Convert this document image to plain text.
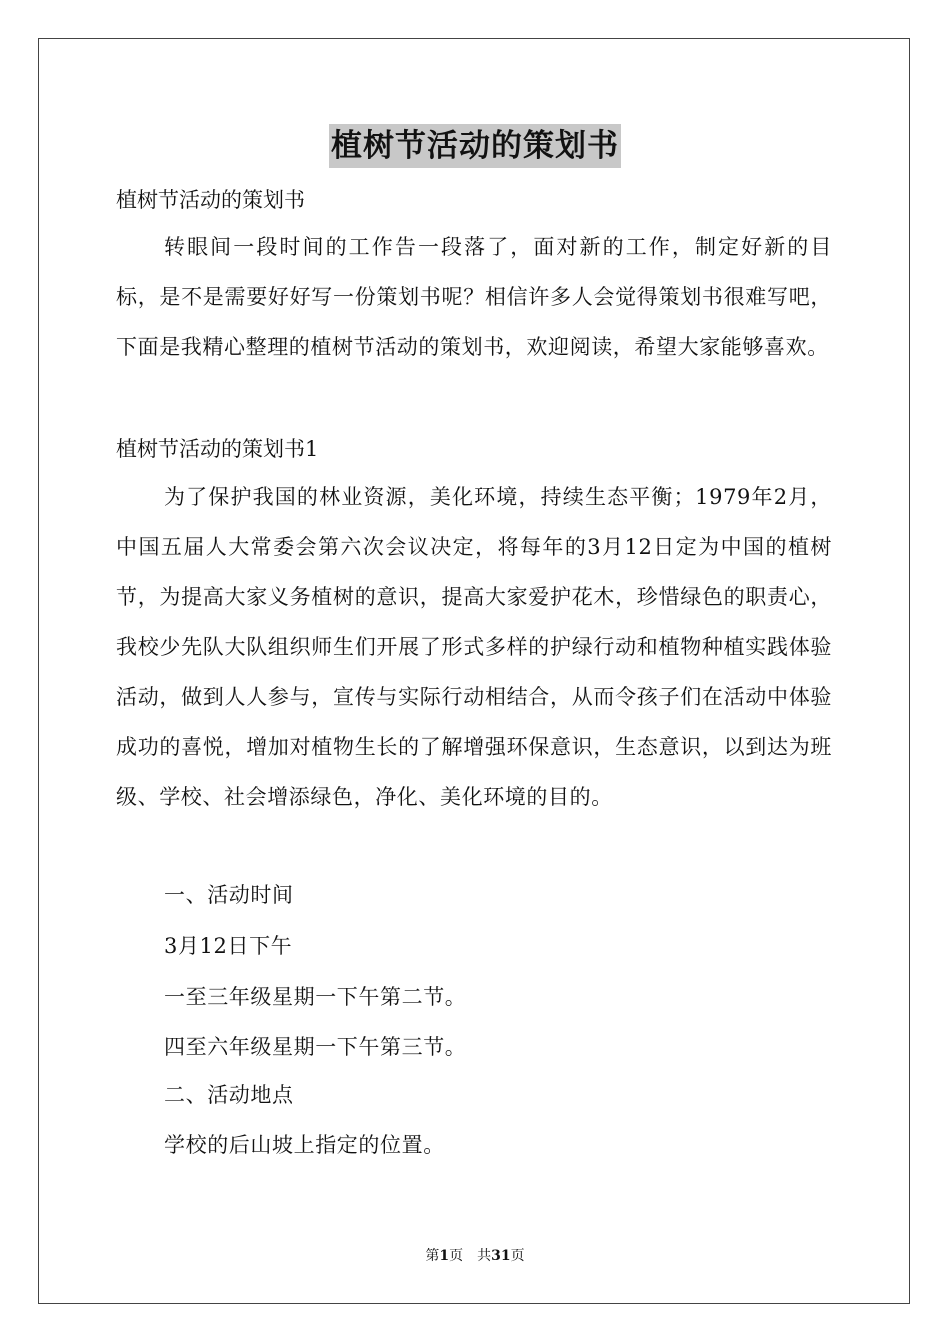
植树节活动的策划书
植树节活动的策划书
转眼间一段时间的工作告一段落了，面对新的工作，制定好新的目标，是不是需要好好写一份策划书呢？相信许多人会觉得策划书很难写吧，下面是我精心整理的植树节活动的策划书，欢迎阅读，希望大家能够喜欢。
植树节活动的策划书1
为了保护我国的林业资源，美化环境，持续生态平衡；1979年2月，中国五届人大常委会第六次会议决定，将每年的3月12日定为中国的植树节，为提高大家义务植树的意识，提高大家爱护花木，珍惜绿色的职责心，我校少先队大队组织师生们开展了形式多样的护绿行动和植物种植实践体验活动，做到人人参与，宣传与实际行动相结合，从而令孩子们在活动中体验成功的喜悦，增加对植物生长的了解增强环保意识，生态意识，以到达为班级、学校、社会增添绿色，净化、美化环境的目的。
一、活动时间
3月12日下午
一至三年级星期一下午第二节。
四至六年级星期一下午第三节。
二、活动地点
学校的后山坡上指定的位置。
第1页　共31页
